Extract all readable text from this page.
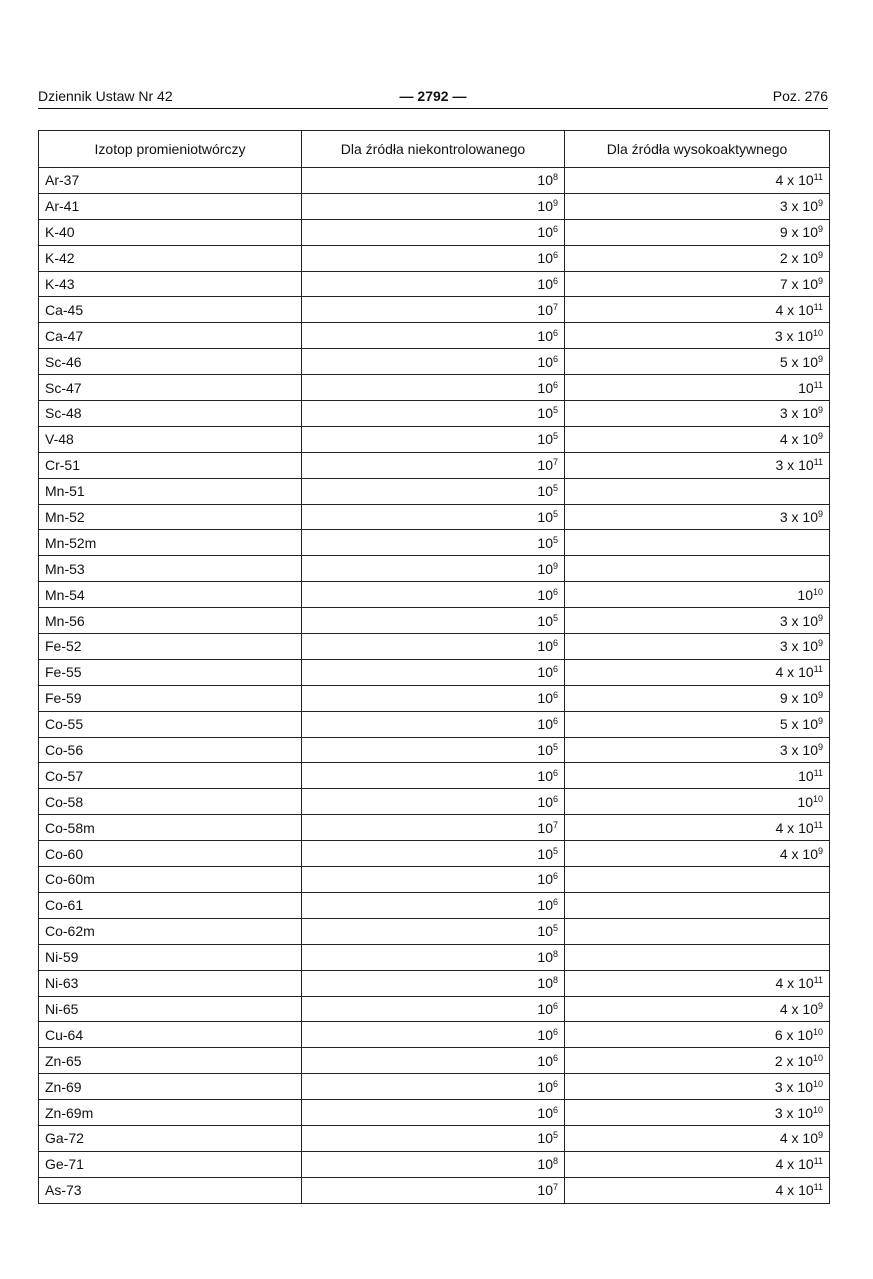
Dziennik Ustaw Nr 42	— 2792 —	Poz. 276
Izotop promieniotwórczy	Dla źródła niekontrolowanego	Dla źródła wysokoaktywnego
Ar-37	$10^8$	4 x $10^{11}$
Ar-41	$10^9$	3 x $10^9$
K-40	$10^6$	9 x $10^9$
K-42	$10^6$	2 x $10^9$
K-43	$10^6$	7 x $10^9$
Ca-45	$10^7$	4 x $10^{11}$
Ca-47	$10^6$	3 x $10^{10}$
Sc-46	$10^6$	5 x $10^9$
Sc-47	$10^6$	$10^{11}$
Sc-48	$10^5$	3 x $10^9$
V-48	$10^5$	4 x $10^9$
Cr-51	$10^7$	3 x $10^{11}$
Mn-51	$10^5$	
Mn-52	$10^5$	3 x $10^9$
Mn-52m	$10^5$	
Mn-53	$10^9$	
Mn-54	$10^6$	$10^{10}$
Mn-56	$10^5$	3 x $10^9$
Fe-52	$10^6$	3 x $10^9$
Fe-55	$10^6$	4 x $10^{11}$
Fe-59	$10^6$	9 x $10^9$
Co-55	$10^6$	5 x $10^9$
Co-56	$10^5$	3 x $10^9$
Co-57	$10^6$	$10^{11}$
Co-58	$10^6$	$10^{10}$
Co-58m	$10^7$	4 x $10^{11}$
Co-60	$10^5$	4 x $10^9$
Co-60m	$10^6$	
Co-61	$10^6$	
Co-62m	$10^5$	
Ni-59	$10^8$	
Ni-63	$10^8$	4 x $10^{11}$
Ni-65	$10^6$	4 x $10^9$
Cu-64	$10^6$	6 x $10^{10}$
Zn-65	$10^6$	2 x $10^{10}$
Zn-69	$10^6$	3 x $10^{10}$
Zn-69m	$10^6$	3 x $10^{10}$
Ga-72	$10^5$	4 x $10^9$
Ge-71	$10^8$	4 x $10^{11}$
As-73	$10^7$	4 x $10^{11}$
